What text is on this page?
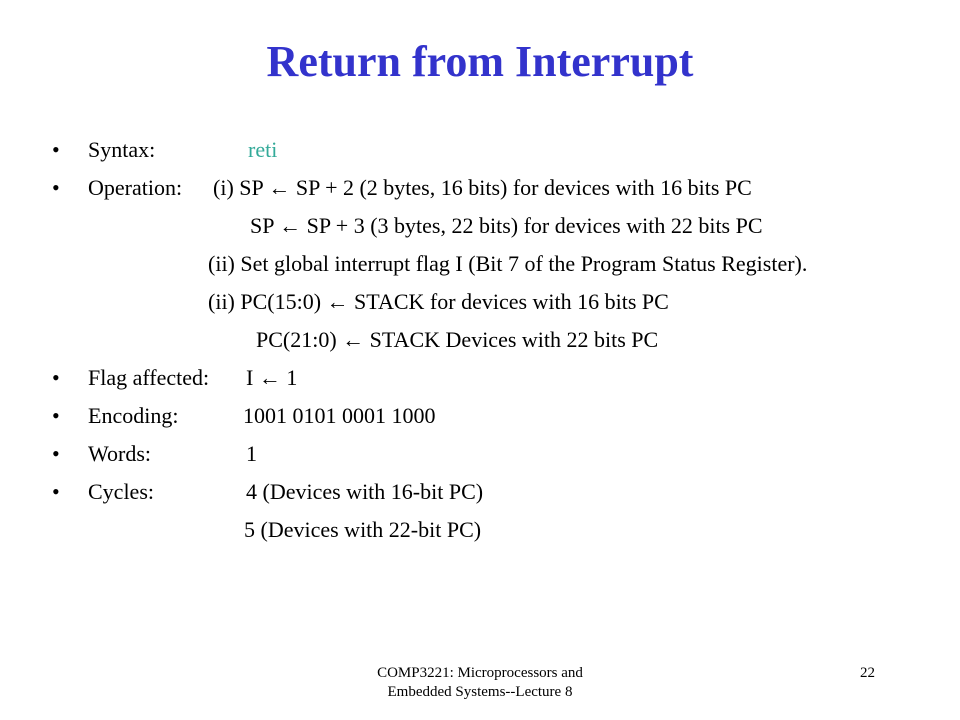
Return from Interrupt
• Syntax:	reti
• Operation: (i) SP ← SP + 2 (2 bytes, 16 bits) for devices with 16 bits PC
SP ← SP + 3 (3 bytes, 22 bits) for devices with 22 bits PC
(ii) Set global interrupt flag I (Bit 7 of the Program Status Register).
(ii) PC(15:0) ← STACK for devices with 16 bits PC
PC(21:0) ← STACK Devices with 22 bits PC
• Flag affected: I ← 1
• Encoding:	1001 0101 0001 1000
• Words:	1
• Cycles:	4 (Devices with 16-bit PC)
5 (Devices with 22-bit PC)
COMP3221: Microprocessors and
Embedded Systems--Lecture 8
22
